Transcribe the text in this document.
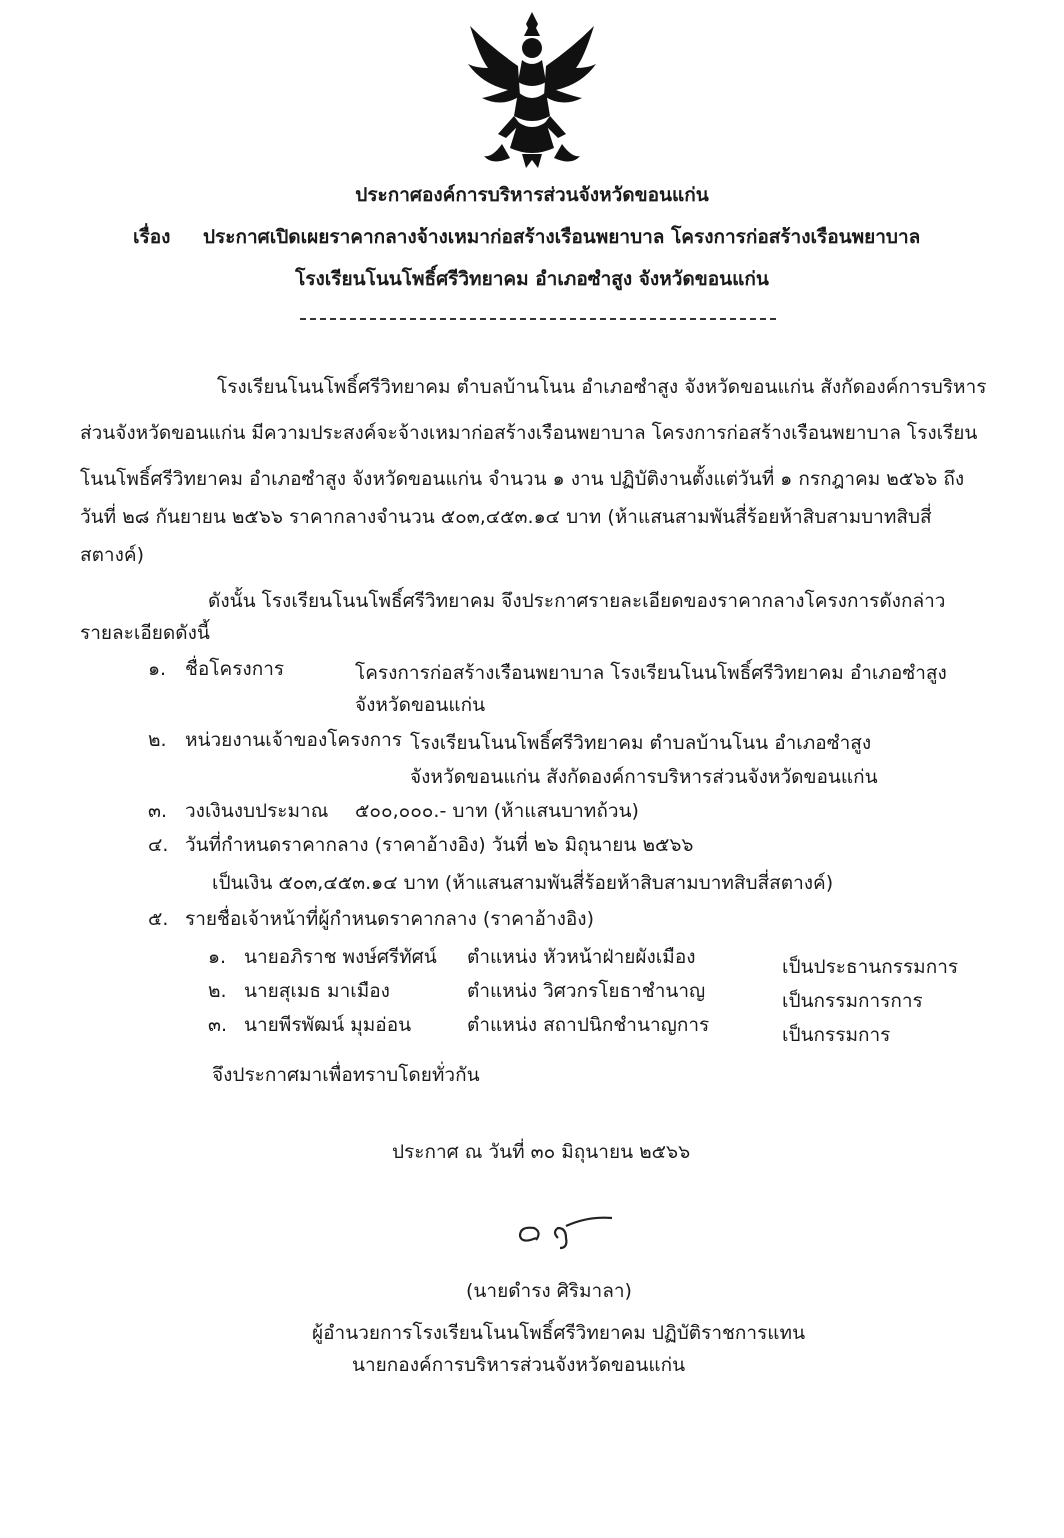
ประกาศองค์การบริหารส่วนจังหวัดขอนแก่น
เรื่อง ประกาศเปิดเผยราคากลางจ้างเหมาก่อสร้างเรือนพยาบาล โครงการก่อสร้างเรือนพยาบาล
โรงเรียนโนนโพธิ์ศรีวิทยาคม อำเภอซำสูง จังหวัดขอนแก่น
โรงเรียนโนนโพธิ์ศรีวิทยาคม ตำบลบ้านโนน อำเภอซำสูง จังหวัดขอนแก่น สังกัดองค์การบริหาร
ส่วนจังหวัดขอนแก่น มีความประสงค์จะจ้างเหมาก่อสร้างเรือนพยาบาล โครงการก่อสร้างเรือนพยาบาล โรงเรียน
โนนโพธิ์ศรีวิทยาคม อำเภอซำสูง จังหวัดขอนแก่น จำนวน ๑ งาน ปฏิบัติงานตั้งแต่วันที่ ๑ กรกฎาคม ๒๕๖๖ ถึง
วันที่ ๒๘ กันยายน ๒๕๖๖ ราคากลางจำนวน ๕๐๓,๔๕๓.๑๔ บาท (ห้าแสนสามพันสี่ร้อยห้าสิบสามบาทสิบสี่
สตางค์)
ดังนั้น โรงเรียนโนนโพธิ์ศรีวิทยาคม จึงประกาศรายละเอียดของราคากลางโครงการดังกล่าว
รายละเอียดดังนี้
๑. ชื่อโครงการ	โครงการก่อสร้างเรือนพยาบาล โรงเรียนโนนโพธิ์ศรีวิทยาคม อำเภอซำสูง
จังหวัดขอนแก่น
๒. หน่วยงานเจ้าของโครงการ โรงเรียนโนนโพธิ์ศรีวิทยาคม ตำบลบ้านโนน อำเภอซำสูง
จังหวัดขอนแก่น สังกัดองค์การบริหารส่วนจังหวัดขอนแก่น
๓. วงเงินงบประมาณ ๕๐๐,๐๐๐.- บาท (ห้าแสนบาทถ้วน)
๔. วันที่กำหนดราคากลาง (ราคาอ้างอิง) วันที่ ๒๖ มิถุนายน ๒๕๖๖
เป็นเงิน ๕๐๓,๔๕๓.๑๔ บาท (ห้าแสนสามพันสี่ร้อยห้าสิบสามบาทสิบสี่สตางค์)
๕. รายชื่อเจ้าหน้าที่ผู้กำหนดราคากลาง (ราคาอ้างอิง)
๑. นายอภิราช พงษ์ศรีทัศน์ ตำแหน่ง หัวหน้าฝ่ายผังเมือง	เป็นประธานกรรมการ
๒. นายสุเมธ มาเมือง	ตำแหน่ง วิศวกรโยธาชำนาญ	เป็นกรรมการการ
๓. นายพีรพัฒน์ มุมอ่อน	ตำแหน่ง สถาปนิกชำนาญการ	เป็นกรรมการ
จึงประกาศมาเพื่อทราบโดยทั่วกัน
ประกาศ ณ วันที่ ๓๐ มิถุนายน ๒๕๖๖
(นายดำรง ศิริมาลา)
ผู้อำนวยการโรงเรียนโนนโพธิ์ศรีวิทยาคม ปฏิบัติราชการแทน
นายกองค์การบริหารส่วนจังหวัดขอนแก่น
